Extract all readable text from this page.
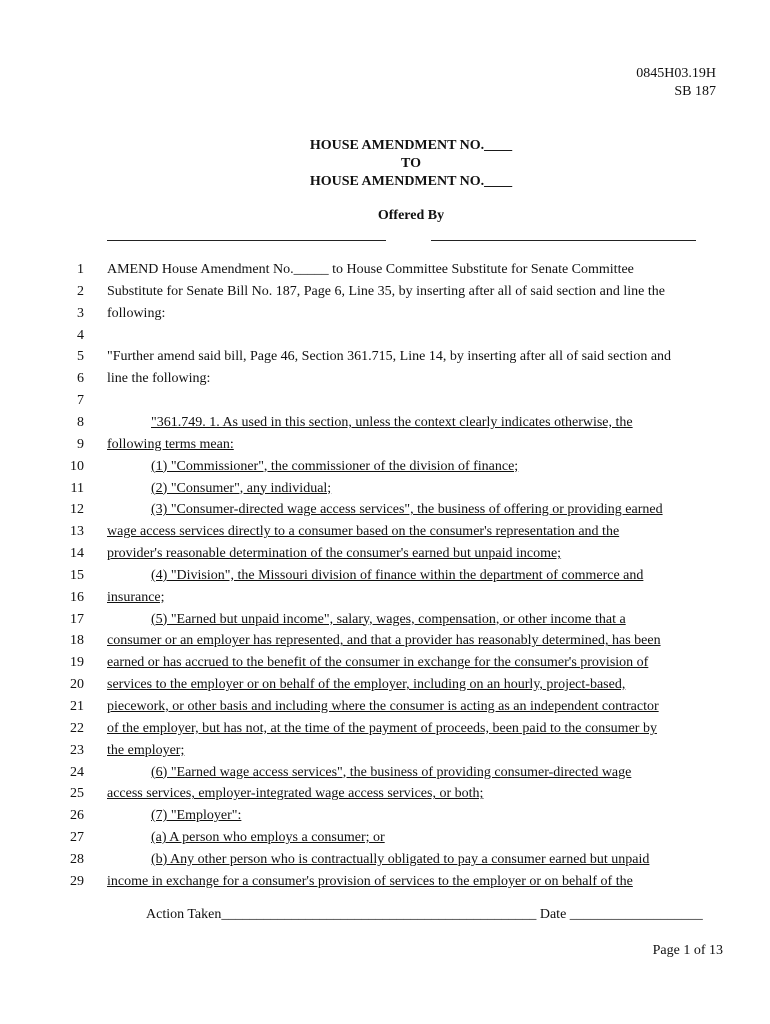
0845H03.19H
SB 187
HOUSE AMENDMENT NO.____
TO
HOUSE AMENDMENT NO.____
Offered By
1 AMEND House Amendment No._____ to House Committee Substitute for Senate Committee
2 Substitute for Senate Bill No. 187, Page 6, Line 35, by inserting after all of said section and line the
3 following:
4
5 "Further amend said bill, Page 46, Section 361.715, Line 14, by inserting after all of said section and
6 line the following:
7
8	"361.749. 1. As used in this section, unless the context clearly indicates otherwise, the
9 following terms mean:
10	(1) "Commissioner", the commissioner of the division of finance;
11	(2) "Consumer", any individual;
12	(3) "Consumer-directed wage access services", the business of offering or providing earned
13 wage access services directly to a consumer based on the consumer's representation and the
14 provider's reasonable determination of the consumer's earned but unpaid income;
15	(4) "Division", the Missouri division of finance within the department of commerce and
16 insurance;
17	(5) "Earned but unpaid income", salary, wages, compensation, or other income that a
18 consumer or an employer has represented, and that a provider has reasonably determined, has been
19 earned or has accrued to the benefit of the consumer in exchange for the consumer's provision of
20 services to the employer or on behalf of the employer, including on an hourly, project-based,
21 piecework, or other basis and including where the consumer is acting as an independent contractor
22 of the employer, but has not, at the time of the payment of proceeds, been paid to the consumer by
23 the employer;
24	(6) "Earned wage access services", the business of providing consumer-directed wage
25 access services, employer-integrated wage access services, or both;
26	(7) "Employer":
27	(a) A person who employs a consumer; or
28	(b) Any other person who is contractually obligated to pay a consumer earned but unpaid
29 income in exchange for a consumer's provision of services to the employer or on behalf of the
Action Taken_____________________________________________ Date ___________________
Page 1 of 13
